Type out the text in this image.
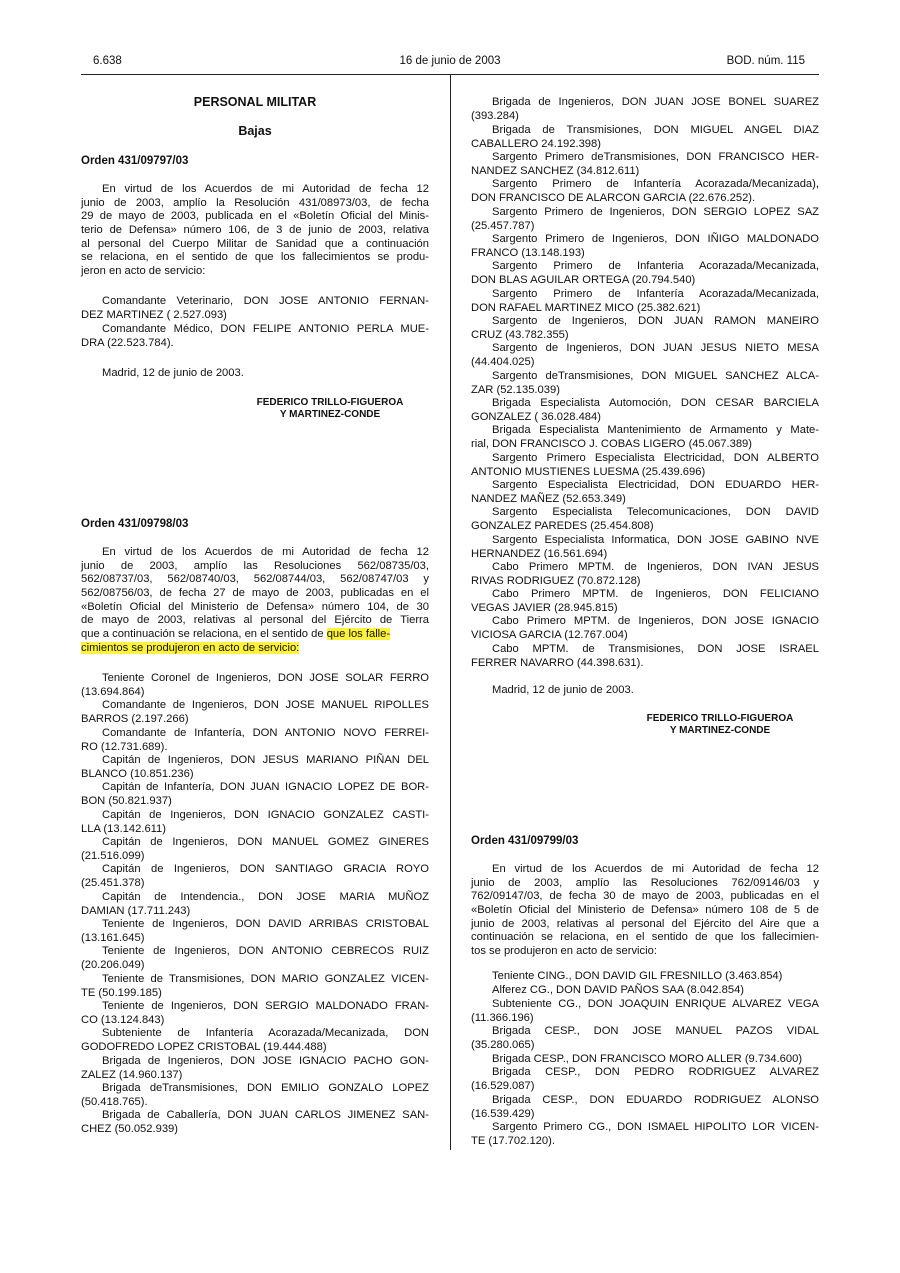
6.638	16 de junio de 2003	BOD. núm. 115
PERSONAL MILITAR
Bajas
Orden 431/09797/03
En virtud de los Acuerdos de mi Autoridad de fecha 12
junio de 2003, amplío la Resolución 431/08973/03, de fecha
29 de mayo de 2003, publicada en el «Boletín Oficial del Minis-
terio de Defensa» número 106, de 3 de junio de 2003, relativa
al personal del Cuerpo Militar de Sanidad que a continuación
se relaciona, en el sentido de que los fallecimientos se produ-
jeron en acto de servicio:
Comandante Veterinario, DON JOSE ANTONIO FERNAN-
DEZ MARTINEZ ( 2.527.093)
Comandante Médico, DON FELIPE ANTONIO PERLA MUE-
DRA (22.523.784).
Madrid, 12 de junio de 2003.
FEDERICO TRILLO-FIGUEROA
Y MARTINEZ-CONDE
Orden 431/09798/03
En virtud de los Acuerdos de mi Autoridad de fecha 12
junio de 2003, amplío las Resoluciones 562/08735/03,
562/08737/03, 562/08740/03, 562/08744/03, 562/08747/03 y
562/08756/03, de fecha 27 de mayo de 2003, publicadas en el
«Boletín Oficial del Ministerio de Defensa» número 104, de 30
de mayo de 2003, relativas al personal del Ejército de Tierra
que a continuación se relaciona, en el sentido de que los falle-
cimientos se produjeron en acto de servicio:
Teniente Coronel de Ingenieros, DON JOSE SOLAR FERRO
(13.694.864)
Comandante de Ingenieros, DON JOSE MANUEL RIPOLLES
BARROS (2.197.266)
Comandante de Infantería, DON ANTONIO NOVO FERREI-
RO (12.731.689).
Capitán de Ingenieros, DON JESUS MARIANO PIÑAN DEL
BLANCO (10.851.236)
Capitán de Infantería, DON JUAN IGNACIO LOPEZ DE BOR-
BON (50.821.937)
Capitán de Ingenieros, DON IGNACIO GONZALEZ CASTI-
LLA (13.142.611)
Capitán de Ingenieros, DON MANUEL GOMEZ GINERES
(21.516.099)
Capitán de Ingenieros, DON SANTIAGO GRACIA ROYO
(25.451.378)
Capitán de Intendencia., DON JOSE MARIA MUÑOZ
DAMIAN (17.711.243)
Teniente de Ingenieros, DON DAVID ARRIBAS CRISTOBAL
(13.161.645)
Teniente de Ingenieros, DON ANTONIO CEBRECOS RUIZ
(20.206.049)
Teniente de Transmisiones, DON MARIO GONZALEZ VICEN-
TE (50.199.185)
Teniente de Ingenieros, DON SERGIO MALDONADO FRAN-
CO (13.124.843)
Subteniente de Infantería Acorazada/Mecanizada, DON
GODOFREDO LOPEZ CRISTOBAL (19.444.488)
Brigada de Ingenieros, DON JOSE IGNACIO PACHO GON-
ZALEZ (14.960.137)
Brigada deTransmisiones, DON EMILIO GONZALO LOPEZ
(50.418.765).
Brigada de Caballería, DON JUAN CARLOS JIMENEZ SAN-
CHEZ (50.052.939)
Brigada de Ingenieros, DON JUAN JOSE BONEL SUAREZ
(393.284)
Brigada de Transmisiones, DON MIGUEL ANGEL DIAZ
CABALLERO 24.192.398)
Sargento Primero deTransmisiones, DON FRANCISCO HER-
NANDEZ SANCHEZ (34.812.611)
Sargento Primero de Infantería Acorazada/Mecanizada),
DON FRANCISCO DE ALARCON GARCIA (22.676.252).
Sargento Primero de Ingenieros, DON SERGIO LOPEZ SAZ
(25.457.787)
Sargento Primero de Ingenieros, DON IÑIGO MALDONADO
FRANCO (13.148.193)
Sargento Primero de Infanteria Acorazada/Mecanizada,
DON BLAS AGUILAR ORTEGA (20.794.540)
Sargento Primero de Infantería Acorazada/Mecanizada,
DON RAFAEL MARTINEZ MICO (25.382.621)
Sargento de Ingenieros, DON JUAN RAMON MANEIRO
CRUZ (43.782.355)
Sargento de Ingenieros, DON JUAN JESUS NIETO MESA
(44.404.025)
Sargento deTransmisiones, DON MIGUEL SANCHEZ ALCA-
ZAR (52.135.039)
Brigada Especialista Automoción, DON CESAR BARCIELA
GONZALEZ ( 36.028.484)
Brigada Especialista Mantenimiento de Armamento y Mate-
rial, DON FRANCISCO J. COBAS LIGERO (45.067.389)
Sargento Primero Especialista Electricidad, DON ALBERTO
ANTONIO MUSTIENES LUESMA (25.439.696)
Sargento Especialista Electricidad, DON EDUARDO HER-
NANDEZ MAÑEZ (52.653.349)
Sargento Especialista Telecomunicaciones, DON DAVID
GONZALEZ PAREDES (25.454.808)
Sargento Especialista Informatica, DON JOSE GABINO NVE
HERNANDEZ (16.561.694)
Cabo Primero MPTM. de Ingenieros, DON IVAN JESUS
RIVAS RODRIGUEZ (70.872.128)
Cabo Primero MPTM. de Ingenieros, DON FELICIANO
VEGAS JAVIER (28.945.815)
Cabo Primero MPTM. de Ingenieros, DON JOSE IGNACIO
VICIOSA GARCIA (12.767.004)
Cabo MPTM. de Transmisiones, DON JOSE ISRAEL
FERRER NAVARRO (44.398.631).
Madrid, 12 de junio de 2003.
FEDERICO TRILLO-FIGUEROA
Y MARTINEZ-CONDE
Orden 431/09799/03
En virtud de los Acuerdos de mi Autoridad de fecha 12
junio de 2003, amplío las Resoluciones 762/09146/03 y
762/09147/03, de fecha 30 de mayo de 2003, publicadas en el
«Boletín Oficial del Ministerio de Defensa» número 108 de 5 de
junio de 2003, relativas al personal del Ejército del Aire que a
continuación se relaciona, en el sentido de que los fallecimien-
tos se produjeron en acto de servicio:
Teniente CING., DON DAVID GIL FRESNILLO (3.463.854)
Alferez CG., DON DAVID PAÑOS SAA (8.042.854)
Subteniente CG., DON JOAQUIN ENRIQUE ALVAREZ VEGA
(11.366.196)
Brigada CESP., DON JOSE MANUEL PAZOS VIDAL
(35.280.065)
Brigada CESP., DON FRANCISCO MORO ALLER (9.734.600)
Brigada CESP., DON PEDRO RODRIGUEZ ALVAREZ
(16.529.087)
Brigada CESP., DON EDUARDO RODRIGUEZ ALONSO
(16.539.429)
Sargento Primero CG., DON ISMAEL HIPOLITO LOR VICEN-
TE (17.702.120).
